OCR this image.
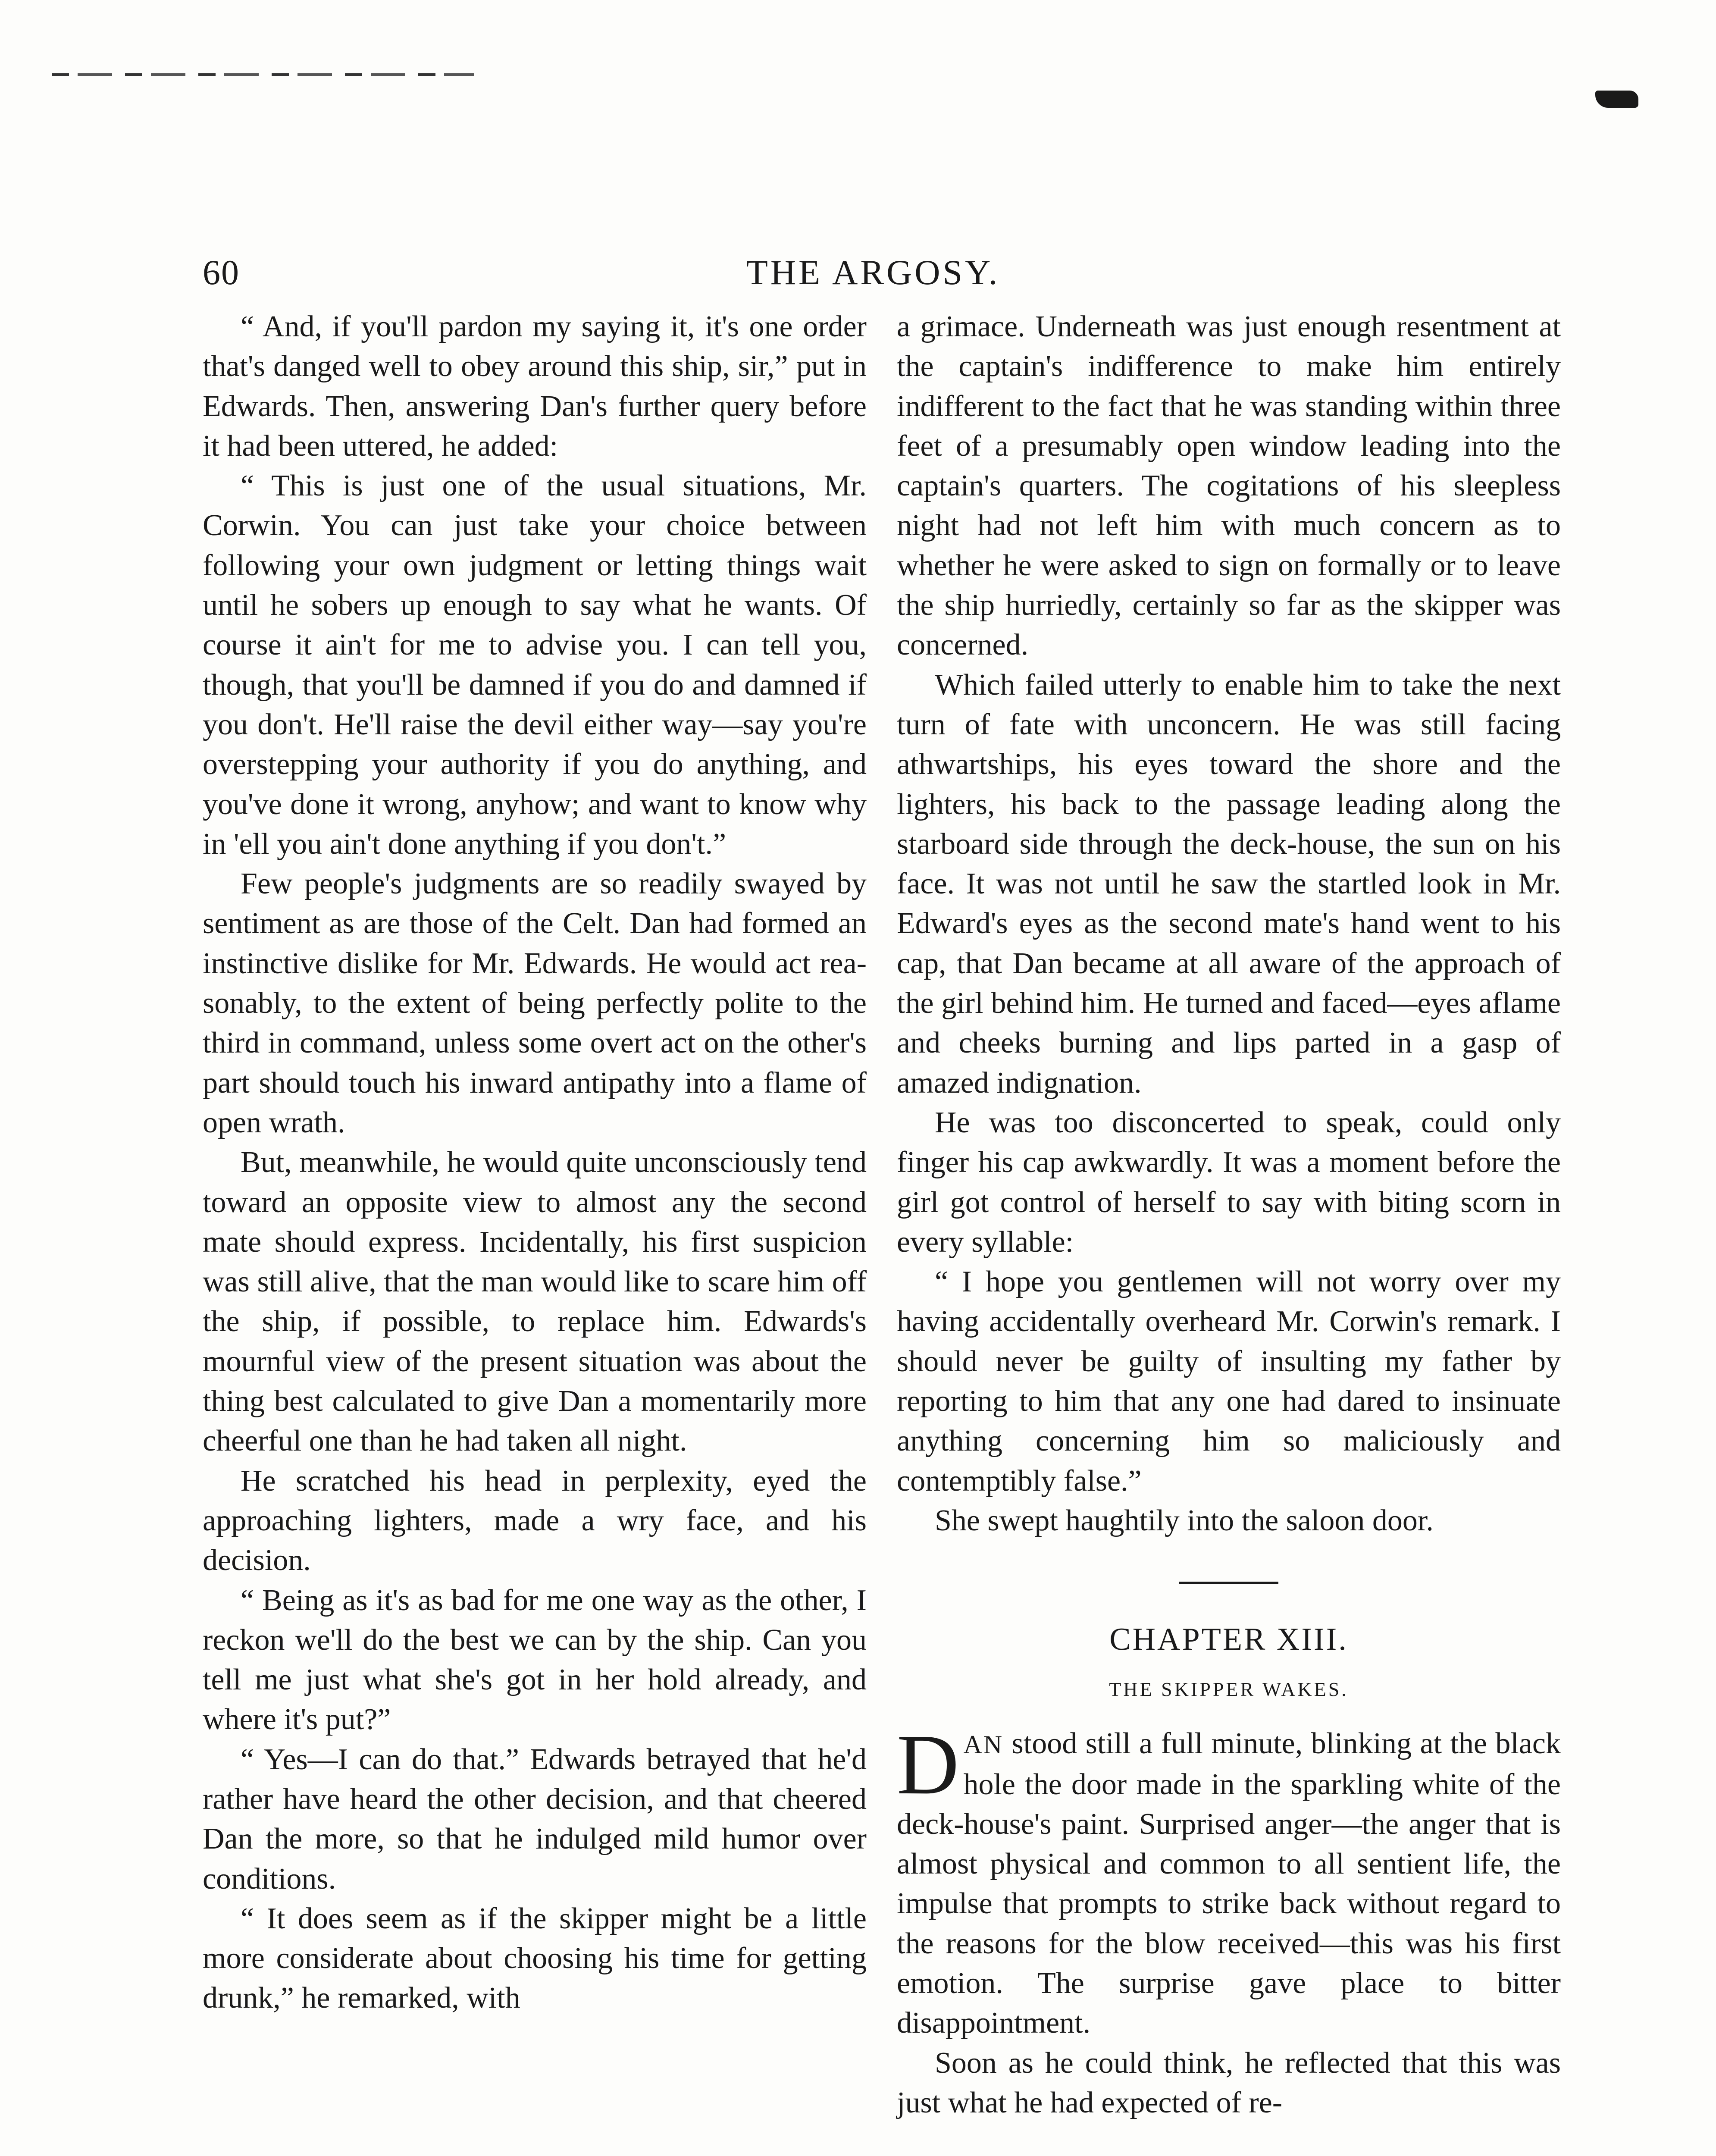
60	THE ARGOSY.

“ And, if you'll pardon my saying it, it's one order that's danged well to obey around this ship, sir,” put in Edwards. Then, answering Dan's further query before it had been uttered, he added:

“ This is just one of the usual situations, Mr. Corwin. You can just take your choice between following your own judgment or letting things wait until he sobers up enough to say what he wants. Of course it ain't for me to advise you. I can tell you, though, that you'll be damned if you do and damned if you don't. He'll raise the devil either way—say you're overstepping your authority if you do anything, and you've done it wrong, anyhow; and want to know why in 'ell you ain't done anything if you don't.”

Few people's judgments are so readily swayed by sentiment as are those of the Celt. Dan had formed an instinctive dislike for Mr. Edwards. He would act reasonably, to the extent of being perfectly polite to the third in command, unless some overt act on the other's part should touch his inward antipathy into a flame of open wrath.

But, meanwhile, he would quite unconsciously tend toward an opposite view to almost any the second mate should express. Incidentally, his first suspicion was still alive, that the man would like to scare him off the ship, if possible, to replace him. Edwards's mournful view of the present situation was about the thing best calculated to give Dan a momentarily more cheerful one than he had taken all night.

He scratched his head in perplexity, eyed the approaching lighters, made a wry face, and his decision.

“ Being as it's as bad for me one way as the other, I reckon we'll do the best we can by the ship. Can you tell me just what she's got in her hold already, and where it's put?”

“ Yes—I can do that.” Edwards betrayed that he'd rather have heard the other decision, and that cheered Dan the more, so that he indulged mild humor over conditions.

“ It does seem as if the skipper might be a little more considerate about choosing his time for getting drunk,” he remarked, with

a grimace. Underneath was just enough resentment at the captain's indifference to make him entirely indifferent to the fact that he was standing within three feet of a presumably open window leading into the captain's quarters. The cogitations of his sleepless night had not left him with much concern as to whether he were asked to sign on formally or to leave the ship hurriedly, certainly so far as the skipper was concerned.

Which failed utterly to enable him to take the next turn of fate with unconcern. He was still facing athwartships, his eyes toward the shore and the lighters, his back to the passage leading along the starboard side through the deck-house, the sun on his face. It was not until he saw the startled look in Mr. Edward's eyes as the second mate's hand went to his cap, that Dan became at all aware of the approach of the girl behind him. He turned and faced—eyes aflame and cheeks burning and lips parted in a gasp of amazed indignation.

He was too disconcerted to speak, could only finger his cap awkwardly. It was a moment before the girl got control of herself to say with biting scorn in every syllable:

“ I hope you gentlemen will not worry over my having accidentally overheard Mr. Corwin's remark. I should never be guilty of insulting my father by reporting to him that any one had dared to insinuate anything concerning him so maliciously and contemptibly false.”

She swept haughtily into the saloon door.

CHAPTER XIII.
THE SKIPPER WAKES.

DAN stood still a full minute, blinking at the black hole the door made in the sparkling white of the deck-house's paint. Surprised anger—the anger that is almost physical and common to all sentient life, the impulse that prompts to strike back without regard to the reasons for the blow received—this was his first emotion. The surprise gave place to bitter disappointment.

Soon as he could think, he reflected that this was just what he had expected of re-
